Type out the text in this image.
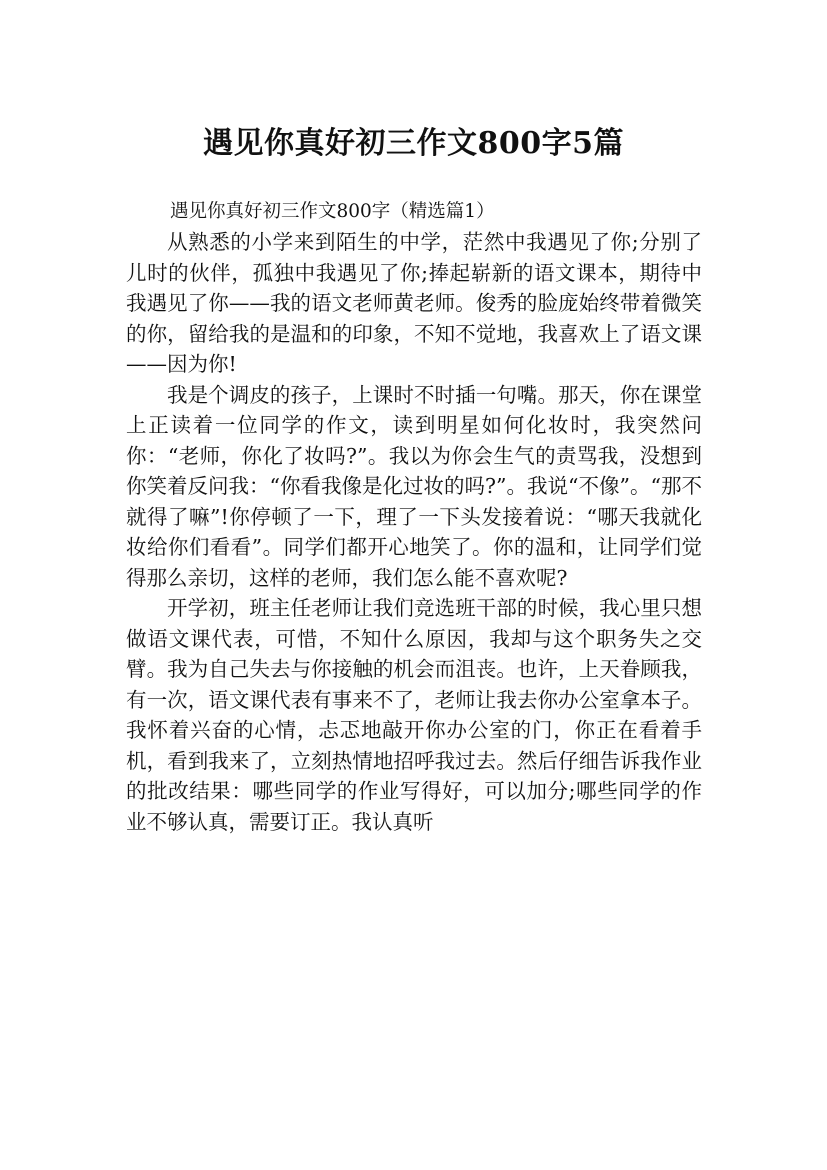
遇见你真好初三作文800字5篇

遇见你真好初三作文800字（精选篇1）

从熟悉的小学来到陌生的中学，茫然中我遇见了你;分别了儿时的伙伴，孤独中我遇见了你;捧起崭新的语文课本，期待中我遇见了你——我的语文老师黄老师。俊秀的脸庞始终带着微笑的你，留给我的是温和的印象，不知不觉地，我喜欢上了语文课——因为你!

我是个调皮的孩子，上课时不时插一句嘴。那天，你在课堂上正读着一位同学的作文，读到明星如何化妆时，我突然问你：“老师，你化了妆吗?”。我以为你会生气的责骂我，没想到你笑着反问我：“你看我像是化过妆的吗?”。我说“不像”。“那不就得了嘛”!你停顿了一下，理了一下头发接着说：“哪天我就化妆给你们看看”。同学们都开心地笑了。你的温和，让同学们觉得那么亲切，这样的老师，我们怎么能不喜欢呢?

开学初，班主任老师让我们竞选班干部的时候，我心里只想做语文课代表，可惜，不知什么原因，我却与这个职务失之交臂。我为自己失去与你接触的机会而沮丧。也许，上天眷顾我，有一次，语文课代表有事来不了，老师让我去你办公室拿本子。我怀着兴奋的心情，忐忑地敲开你办公室的门，你正在看着手机，看到我来了，立刻热情地招呼我过去。然后仔细告诉我作业的批改结果：哪些同学的作业写得好，可以加分;哪些同学的作业不够认真，需要订正。我认真听
